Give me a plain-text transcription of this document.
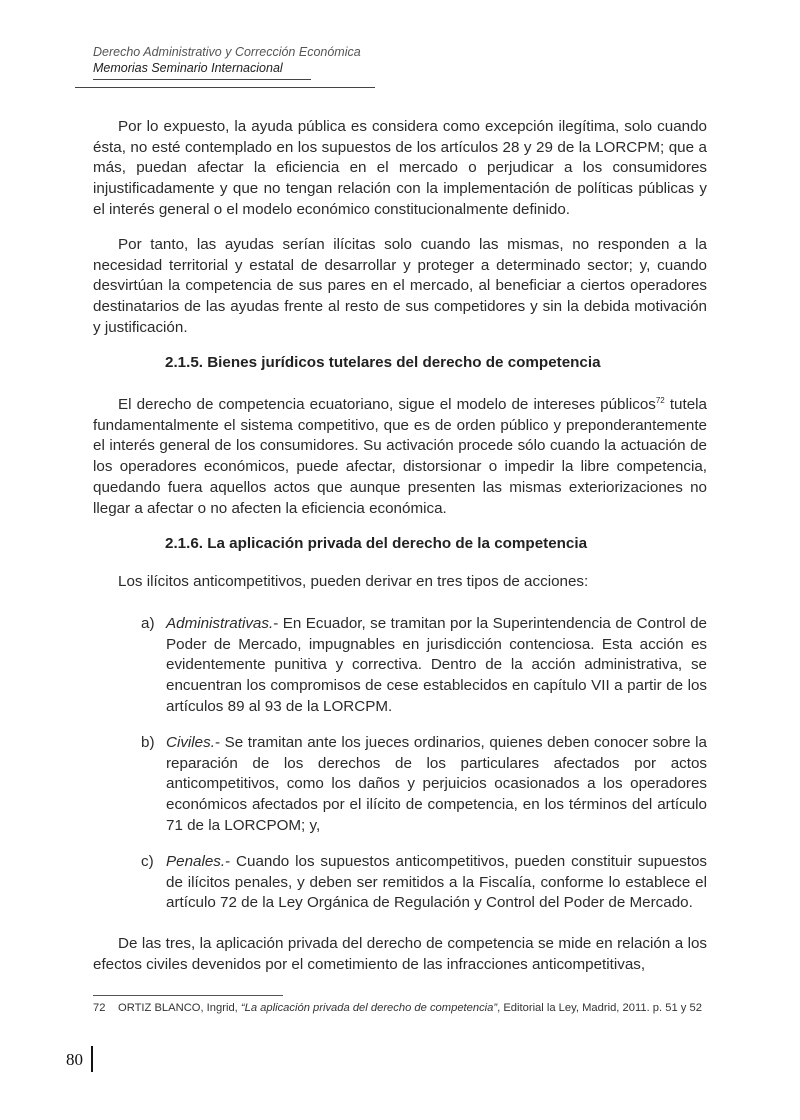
Derecho Administrativo y Corrección Económica
Memorias Seminario Internacional

Por lo expuesto, la ayuda pública es considera como excepción ilegítima, solo cuando ésta, no esté contemplado en los supuestos de los artículos 28 y 29 de la LORCPM; que a más, puedan afectar la eficiencia en el mercado o perjudicar a los consumidores injustificadamente y que no tengan relación con la implementación de políticas públicas y el interés general o el modelo económico constitucionalmente definido.

Por tanto, las ayudas serían ilícitas solo cuando las mismas, no responden a la necesidad territorial y estatal de desarrollar y proteger a determinado sector; y, cuando desvirtúan la competencia de sus pares en el mercado, al beneficiar a ciertos operadores destinatarios de las ayudas frente al resto de sus competidores y sin la debida motivación y justificación.

2.1.5. Bienes jurídicos tutelares del derecho de competencia

El derecho de competencia ecuatoriano, sigue el modelo de intereses públicos$^{72}$ tutela fundamentalmente el sistema competitivo, que es de orden público y preponderantemente el interés general de los consumidores. Su activación procede sólo cuando la actuación de los operadores económicos, puede afectar, distorsionar o impedir la libre competencia, quedando fuera aquellos actos que aunque presenten las mismas exteriorizaciones no llegar a afectar o no afecten la eficiencia económica.

2.1.6. La aplicación privada del derecho de la competencia

Los ilícitos anticompetitivos, pueden derivar en tres tipos de acciones:

a) Administrativas.- En Ecuador, se tramitan por la Superintendencia de Control de Poder de Mercado, impugnables en jurisdicción contenciosa. Esta acción es evidentemente punitiva y correctiva. Dentro de la acción administrativa, se encuentran los compromisos de cese establecidos en capítulo VII a partir de los artículos 89 al 93 de la LORCPM.
b) Civiles.- Se tramitan ante los jueces ordinarios, quienes deben conocer sobre la reparación de los derechos de los particulares afectados por actos anticompetitivos, como los daños y perjuicios ocasionados a los operadores económicos afectados por el ilícito de competencia, en los términos del artículo 71 de la LORCPOM; y,
c) Penales.- Cuando los supuestos anticompetitivos, pueden constituir supuestos de ilícitos penales, y deben ser remitidos a la Fiscalía, conforme lo establece el artículo 72 de la Ley Orgánica de Regulación y Control del Poder de Mercado.

De las tres, la aplicación privada del derecho de competencia se mide en relación a los efectos civiles devenidos por el cometimiento de las infracciones anticompetitivas,

72 ORTIZ BLANCO, Ingrid, “La aplicación privada del derecho de competencia”, Editorial la Ley, Madrid, 2011. p. 51 y 52
80
